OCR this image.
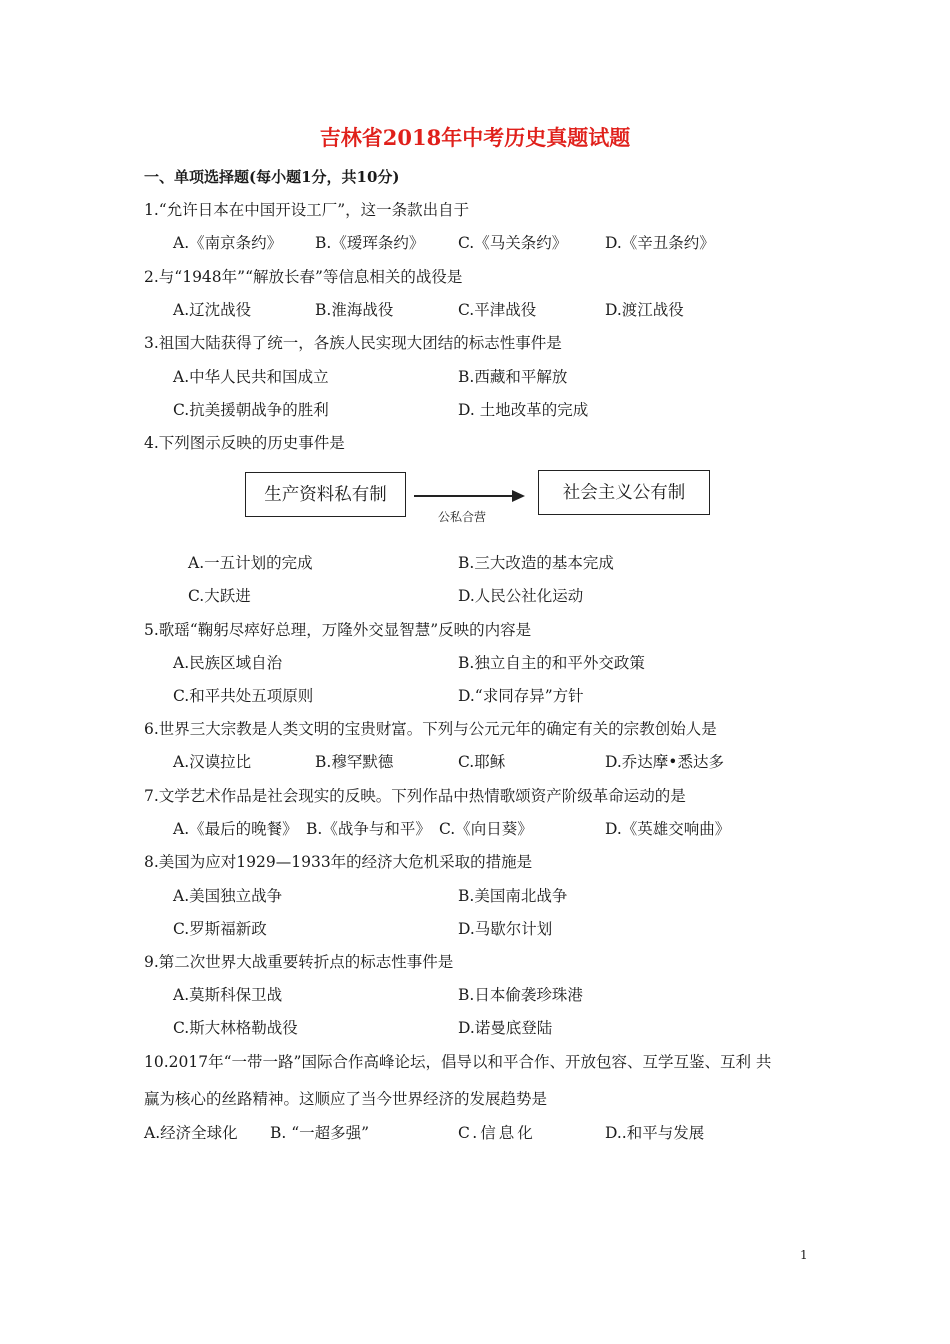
吉林省2018年中考历史真题试题
一、单项选择题(每小题1分，共10分)
1.“允许日本在中国开设工厂”，这一条款出自于
A.《南京条约》 B.《瑷珲条约》 C.《马关条约》 D.《辛丑条约》
2.与“1948年”“解放长春”等信息相关的战役是
A.辽沈战役	B.淮海战役	C.平津战役	D.渡江战役
3.祖国大陆获得了统一，各族人民实现大团结的标志性事件是
A.中华人民共和国成立	B.西藏和平解放
C.抗美援朝战争的胜利	D. 土地改革的完成
4.下列图示反映的历史事件是
生产资料私有制
公私合营
社会主义公有制
A.一五计划的完成	B.三大改造的基本完成
C.大跃进	D.人民公社化运动
5.歌瑶“鞠躬尽瘁好总理，万隆外交显智慧”反映的内容是
A.民族区域自治	B.独立自主的和平外交政策
C.和平共处五项原则	D.“求同存异”方针
6.世界三大宗教是人类文明的宝贵财富。下列与公元元年的确定有关的宗教创始人是
A.汉谟拉比	B.穆罕默德	C.耶稣	D.乔达摩•悉达多
7.文学艺术作品是社会现实的反映。下列作品中热情歌颂资产阶级革命运动的是
A.《最后的晚餐》 B.《战争与和平》 C.《向日葵》	D.《英雄交响曲》
8.美国为应对1929—1933年的经济大危机采取的措施是
A.美国独立战争	B.美国南北战争
C.罗斯福新政	D.马歇尔计划
9.第二次世界大战重要转折点的标志性事件是
A.莫斯科保卫战	B.日本偷袭珍珠港
C.斯大林格勒战役	D.诺曼底登陆
10.2017年“一带一路”国际合作高峰论坛，倡导以和平合作、开放包容、互学互鉴、互利 共
赢为核心的丝路精神。这顺应了当今世界经济的发展趋势是
A.经济全球化 B. “一超多强”	C.信息化	D..和平与发展
1
